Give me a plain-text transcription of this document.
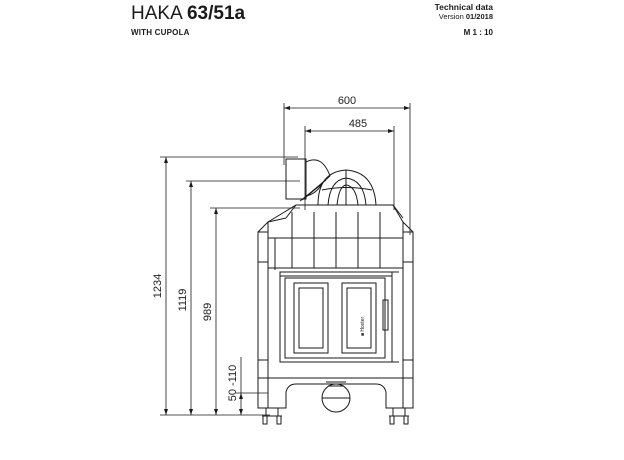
HAKA 63/51a
WITH CUPOLA
Technical data
Version 01/2018
M 1 : 10
600
485
1234
1119
989
50 -110
■ Hoxter
